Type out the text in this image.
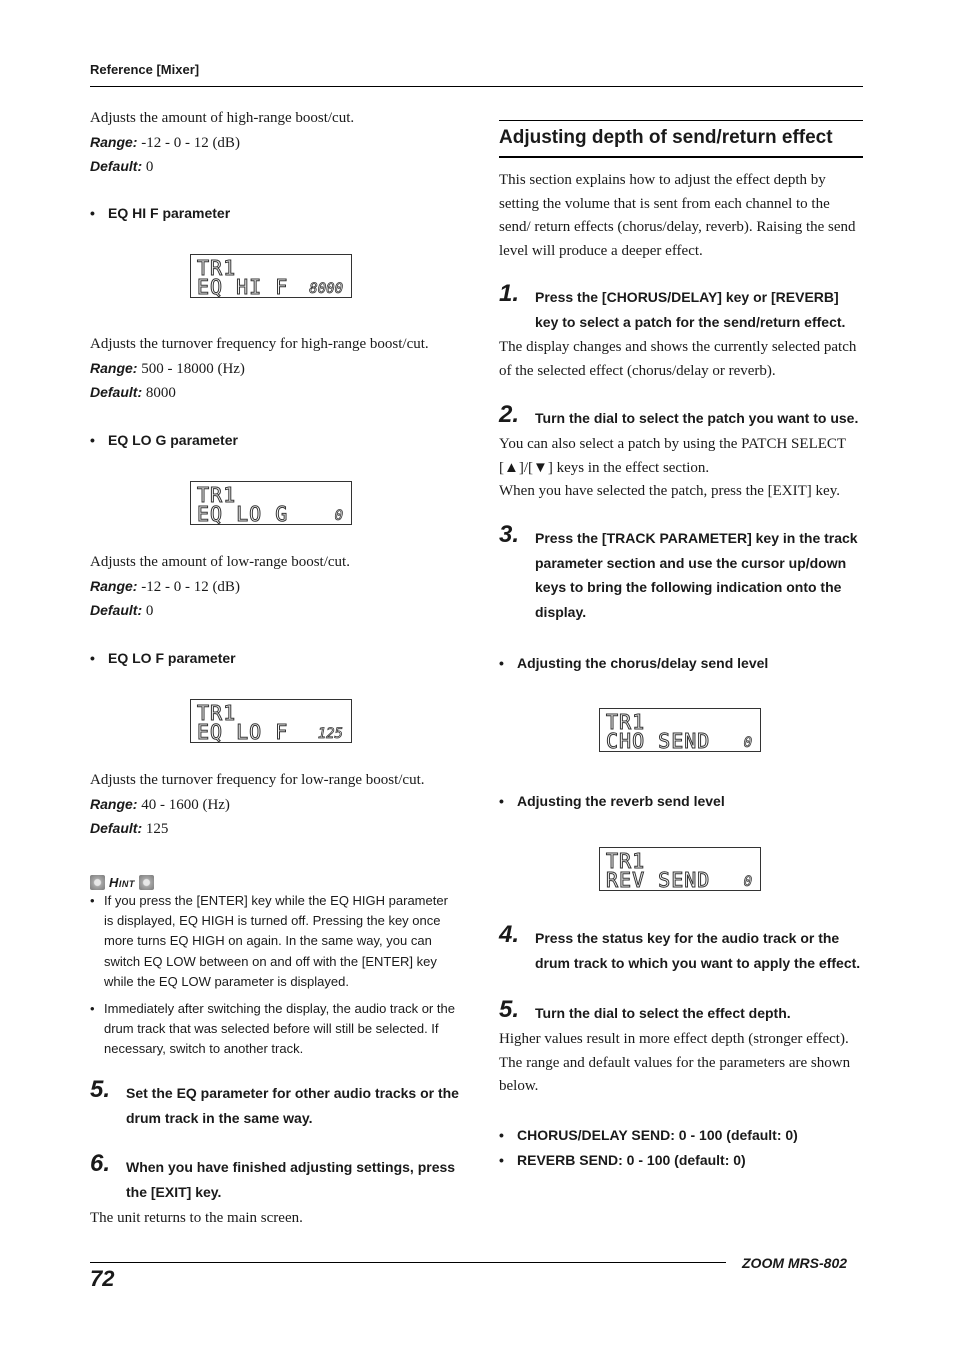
Reference [Mixer]
Adjusts the amount of high-range boost/cut.
Range: -12 - 0 - 12 (dB)
Default: 0
• EQ HI F parameter
TR1
EQ HI F 8000
Adjusts the turnover frequency for high-range boost/cut.
Range: 500 - 18000 (Hz)
Default: 8000
• EQ LO G parameter
TR1
EQ LO G	0
Adjusts the amount of low-range boost/cut.
Range: -12 - 0 - 12 (dB)
Default: 0
• EQ LO F parameter
TR1
EQ LO F 125
Adjusts the turnover frequency for low-range boost/cut.
Range: 40 - 1600 (Hz)
Default: 125
Hint
• If you press the [ENTER] key while the EQ HIGH parameter is displayed, EQ HIGH is turned off. Pressing the key once more turns EQ HIGH on again. In the same way, you can switch EQ LOW between on and off with the [ENTER] key while the EQ LOW parameter is displayed.
• Immediately after switching the display, the audio track or the drum track that was selected before will still be selected. If necessary, switch to another track.
5. Set the EQ parameter for other audio tracks or the drum track in the same way.
6. When you have finished adjusting settings, press the [EXIT] key.
The unit returns to the main screen.
Adjusting depth of send/return effect
This section explains how to adjust the effect depth by setting the volume that is sent from each channel to the send/ return effects (chorus/delay, reverb). Raising the send level will produce a deeper effect.
1. Press the [CHORUS/DELAY] key or [REVERB] key to select a patch for the send/return effect.
The display changes and shows the currently selected patch of the selected effect (chorus/delay or reverb).
2. Turn the dial to select the patch you want to use.
You can also select a patch by using the PATCH SELECT [▲]/[▼] keys in the effect section.
When you have selected the patch, press the [EXIT] key.
3. Press the [TRACK PARAMETER] key in the track parameter section and use the cursor up/down keys to bring the following indication onto the display.
• Adjusting the chorus/delay send level
TR1
CHO SEND 0
• Adjusting the reverb send level
TR1
REV SEND 0
4. Press the status key for the audio track or the drum track to which you want to apply the effect.
5. Turn the dial to select the effect depth.
Higher values result in more effect depth (stronger effect). The range and default values for the parameters are shown below.
• CHORUS/DELAY SEND: 0 - 100 (default: 0)
• REVERB SEND: 0 - 100 (default: 0)
72
ZOOM MRS-802
